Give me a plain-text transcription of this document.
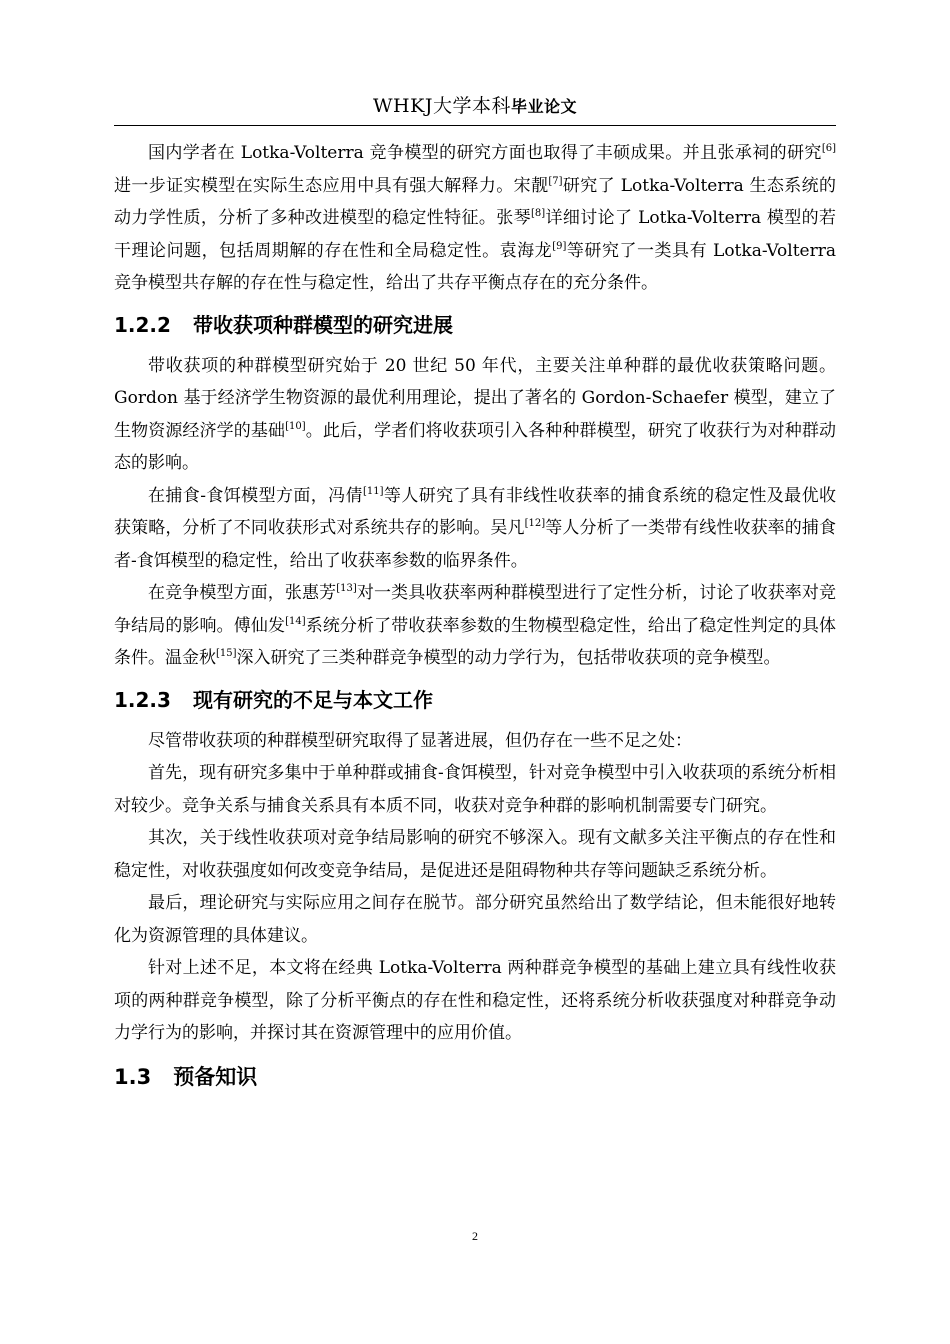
WHKJ大学本科毕业论文

国内学者在 Lotka-Volterra 竞争模型的研究方面也取得了丰硕成果。并且张承祠的研究[6]进一步证实模型在实际生态应用中具有强大解释力。宋靓[7]研究了 Lotka-Volterra 生态系统的动力学性质，分析了多种改进模型的稳定性特征。张琴[8]详细讨论了 Lotka-Volterra 模型的若干理论问题，包括周期解的存在性和全局稳定性。袁海龙[9]等研究了一类具有 Lotka-Volterra 竞争模型共存解的存在性与稳定性，给出了共存平衡点存在的充分条件。

1.2.2 带收获项种群模型的研究进展

带收获项的种群模型研究始于 20 世纪 50 年代，主要关注单种群的最优收获策略问题。Gordon 基于经济学生物资源的最优利用理论，提出了著名的 Gordon-Schaefer 模型，建立了生物资源经济学的基础[10]。此后，学者们将收获项引入各种种群模型，研究了收获行为对种群动态的影响。

在捕食-食饵模型方面，冯倩[11]等人研究了具有非线性收获率的捕食系统的稳定性及最优收获策略，分析了不同收获形式对系统共存的影响。吴凡[12]等人分析了一类带有线性收获率的捕食者-食饵模型的稳定性，给出了收获率参数的临界条件。

在竞争模型方面，张惠芳[13]对一类具收获率两种群模型进行了定性分析，讨论了收获率对竞争结局的影响。傅仙发[14]系统分析了带收获率参数的生物模型稳定性，给出了稳定性判定的具体条件。温金秋[15]深入研究了三类种群竞争模型的动力学行为，包括带收获项的竞争模型。

1.2.3 现有研究的不足与本文工作

尽管带收获项的种群模型研究取得了显著进展，但仍存在一些不足之处：

首先，现有研究多集中于单种群或捕食-食饵模型，针对竞争模型中引入收获项的系统分析相对较少。竞争关系与捕食关系具有本质不同，收获对竞争种群的影响机制需要专门研究。

其次，关于线性收获项对竞争结局影响的研究不够深入。现有文献多关注平衡点的存在性和稳定性，对收获强度如何改变竞争结局，是促进还是阻碍物种共存等问题缺乏系统分析。

最后，理论研究与实际应用之间存在脱节。部分研究虽然给出了数学结论，但未能很好地转化为资源管理的具体建议。

针对上述不足，本文将在经典 Lotka-Volterra 两种群竞争模型的基础上建立具有线性收获项的两种群竞争模型，除了分析平衡点的存在性和稳定性，还将系统分析收获强度对种群竞争动力学行为的影响，并探讨其在资源管理中的应用价值。

1.3 预备知识
2
